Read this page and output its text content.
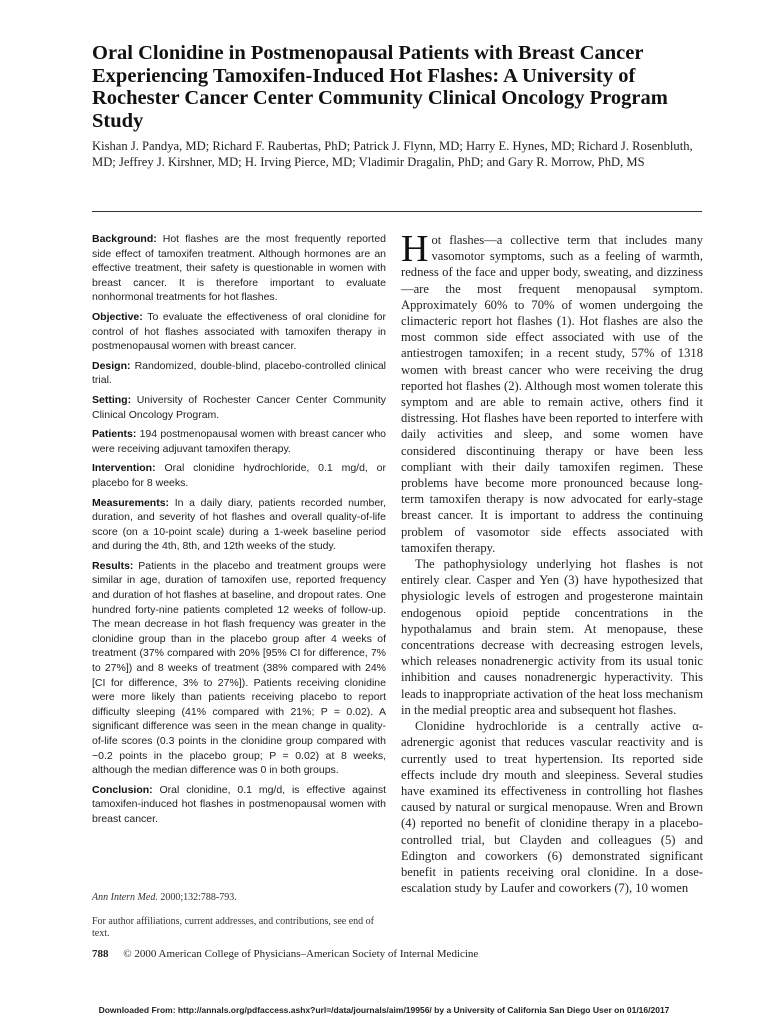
Oral Clonidine in Postmenopausal Patients with Breast Cancer Experiencing Tamoxifen-Induced Hot Flashes: A University of Rochester Cancer Center Community Clinical Oncology Program Study
Kishan J. Pandya, MD; Richard F. Raubertas, PhD; Patrick J. Flynn, MD; Harry E. Hynes, MD; Richard J. Rosenbluth, MD; Jeffrey J. Kirshner, MD; H. Irving Pierce, MD; Vladimir Dragalin, PhD; and Gary R. Morrow, PhD, MS

Background: Hot flashes are the most frequently reported side effect of tamoxifen treatment. Although hormones are an effective treatment, their safety is questionable in women with breast cancer. It is therefore important to evaluate nonhormonal treatments for hot flashes.

Objective: To evaluate the effectiveness of oral clonidine for control of hot flashes associated with tamoxifen therapy in postmenopausal women with breast cancer.

Design: Randomized, double-blind, placebo-controlled clinical trial.

Setting: University of Rochester Cancer Center Community Clinical Oncology Program.

Patients: 194 postmenopausal women with breast cancer who were receiving adjuvant tamoxifen therapy.

Intervention: Oral clonidine hydrochloride, 0.1 mg/d, or placebo for 8 weeks.

Measurements: In a daily diary, patients recorded number, duration, and severity of hot flashes and overall quality-of-life score (on a 10-point scale) during a 1-week baseline period and during the 4th, 8th, and 12th weeks of the study.

Results: Patients in the placebo and treatment groups were similar in age, duration of tamoxifen use, reported frequency and duration of hot flashes at baseline, and dropout rates. One hundred forty-nine patients completed 12 weeks of follow-up. The mean decrease in hot flash frequency was greater in the clonidine group than in the placebo group after 4 weeks of treatment (37% compared with 20% [95% CI for difference, 7% to 27%]) and 8 weeks of treatment (38% compared with 24% [CI for difference, 3% to 27%]). Patients receiving clonidine were more likely than patients receiving placebo to report difficulty sleeping (41% compared with 21%; P = 0.02). A significant difference was seen in the mean change in quality-of-life scores (0.3 points in the clonidine group compared with −0.2 points in the placebo group; P = 0.02) at 8 weeks, although the median difference was 0 in both groups.

Conclusion: Oral clonidine, 0.1 mg/d, is effective against tamoxifen-induced hot flashes in postmenopausal women with breast cancer.

Ann Intern Med. 2000;132:788-793.

For author affiliations, current addresses, and contributions, see end of text.

Hot flashes—a collective term that includes many vasomotor symptoms, such as a feeling of warmth, redness of the face and upper body, sweating, and dizziness—are the most frequent menopausal symptom. Approximately 60% to 70% of women undergoing the climacteric report hot flashes (1). Hot flashes are also the most common side effect associated with use of the antiestrogen tamoxifen; in a recent study, 57% of 1318 women with breast cancer who were receiving the drug reported hot flashes (2). Although most women tolerate this symptom and are able to remain active, others find it distressing. Hot flashes have been reported to interfere with daily activities and sleep, and some women have considered discontinuing therapy or have been less compliant with their daily tamoxifen regimen. These problems have become more pronounced because long-term tamoxifen therapy is now advocated for early-stage breast cancer. It is important to address the continuing problem of vasomotor side effects associated with tamoxifen therapy.

The pathophysiology underlying hot flashes is not entirely clear. Casper and Yen (3) have hypothesized that physiologic levels of estrogen and progesterone maintain endogenous opioid peptide concentrations in the hypothalamus and brain stem. At menopause, these concentrations decrease with decreasing estrogen levels, which releases nonadrenergic activity from its usual tonic inhibition and causes nonadrenergic hyperactivity. This leads to inappropriate activation of the heat loss mechanism in the medial preoptic area and subsequent hot flashes.

Clonidine hydrochloride is a centrally active α-adrenergic agonist that reduces vascular reactivity and is currently used to treat hypertension. Its reported side effects include dry mouth and sleepiness. Several studies have examined its effectiveness in controlling hot flashes caused by natural or surgical menopause. Wren and Brown (4) reported no benefit of clonidine therapy in a placebo-controlled trial, but Clayden and colleagues (5) and Edington and coworkers (6) demonstrated significant benefit in patients receiving oral clonidine. In a dose-escalation study by Laufer and coworkers (7), 10 women

788 © 2000 American College of Physicians–American Society of Internal Medicine
Downloaded From: http://annals.org/pdfaccess.ashx?url=/data/journals/aim/19956/ by a University of California San Diego User on 01/16/2017
